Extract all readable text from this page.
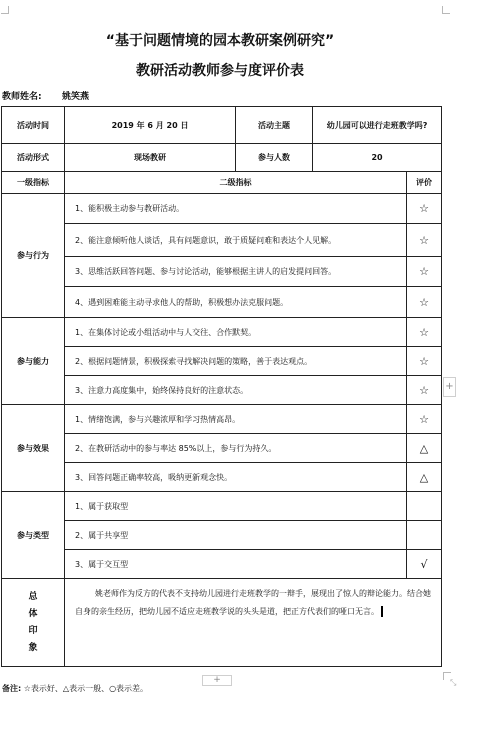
“基于问题情境的园本教研案例研究”
教研活动教师参与度评价表
教师姓名: 姚笑燕
活动时间	2019 年 6 月 20 日	活动主题	幼儿园可以进行走班教学吗?	
活动形式	现场教研	参与人数	20	
一级指标	二级指标			评价
参与行为	1、能积极主动参与教研活动。			☆
	2、能注意倾听他人谈话，具有问题意识，敢于质疑问难和表达个人见解。			☆
	3、思维活跃回答问题、参与讨论活动，能够根据主讲人的启发提问回答。			☆
	4、遇到困难能主动寻求他人的帮助，积极想办法克服问题。			☆
参与能力	1、在集体讨论或小组活动中与人交往、合作默契。			☆
	2、根据问题情景，积极探索寻找解决问题的策略，善于表达观点。			☆
	3、注意力高度集中，始终保持良好的注意状态。			☆
参与效果	1、情绪饱满，参与兴趣浓厚和学习热情高昂。			☆
	2、在教研活动中的参与率达 85%以上，参与行为持久。			△
	3、回答问题正确率较高，吸纳更新观念快。			△
参与类型	1、属于获取型			
	2、属于共享型			
	3、属于交互型			√

总
体
印
象	姚老师作为反方的代表不支持幼儿园进行走班教学的一辩手，展现出了惊人的辩论能力。结合她自身的亲生经历，把幼儿园不适应走班教学说的头头是道，把正方代表们的哑口无言。			
+
+	⤡
备注: ☆表示好、△表示一般、○表示差。
